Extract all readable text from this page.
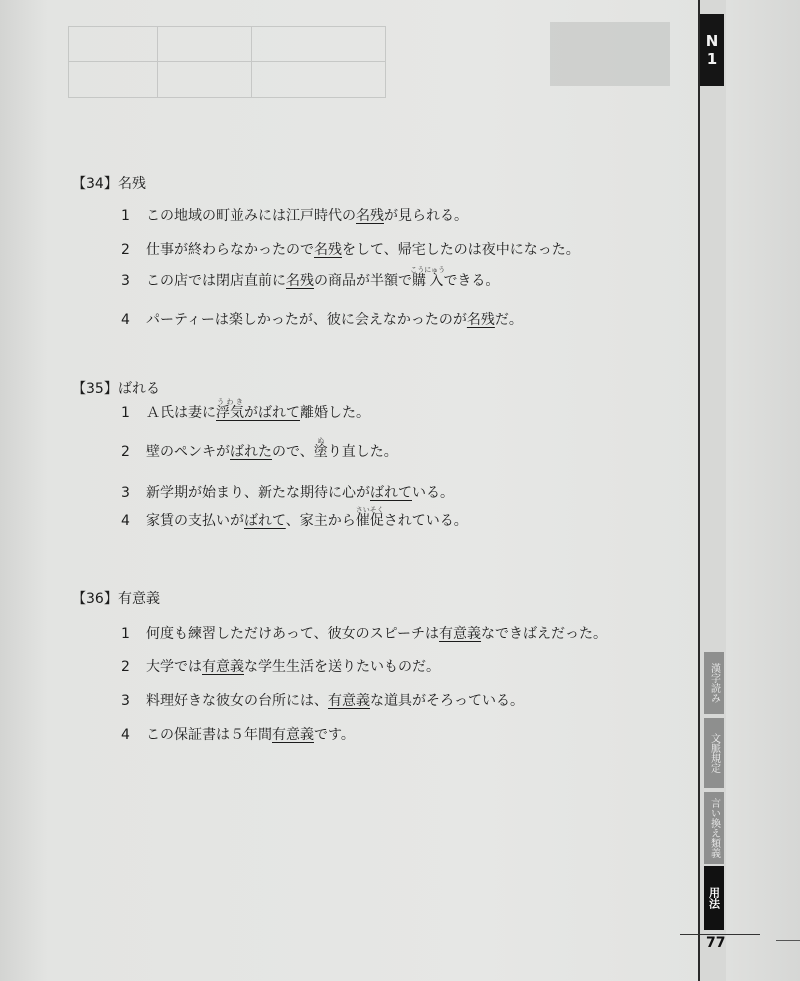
N
1
漢字読み
文脈規定
言い換え類義
用法
77
【34】名残
1 この地域の町並みには江戸時代の名残が見られる。
2 仕事が終わらなかったので名残をして、帰宅したのは夜中になった。
3 この店では閉店直前に名残の商品が半額で購入こうにゅうできる。
4 パーティーは楽しかったが、彼に会えなかったのが名残だ。
【35】ばれる
1 Ａ氏は妻に浮気うわきがばれて離婚した。
2 壁のペンキがばれたので、塗ぬり直した。
3 新学期が始まり、新たな期待に心がばれている。
4 家賃の支払いがばれて、家主から催促さいそくされている。
【36】有意義
1 何度も練習しただけあって、彼女のスピーチは有意義なできばえだった。
2 大学では有意義な学生生活を送りたいものだ。
3 料理好きな彼女の台所には、有意義な道具がそろっている。
4 この保証書は５年間有意義です。
